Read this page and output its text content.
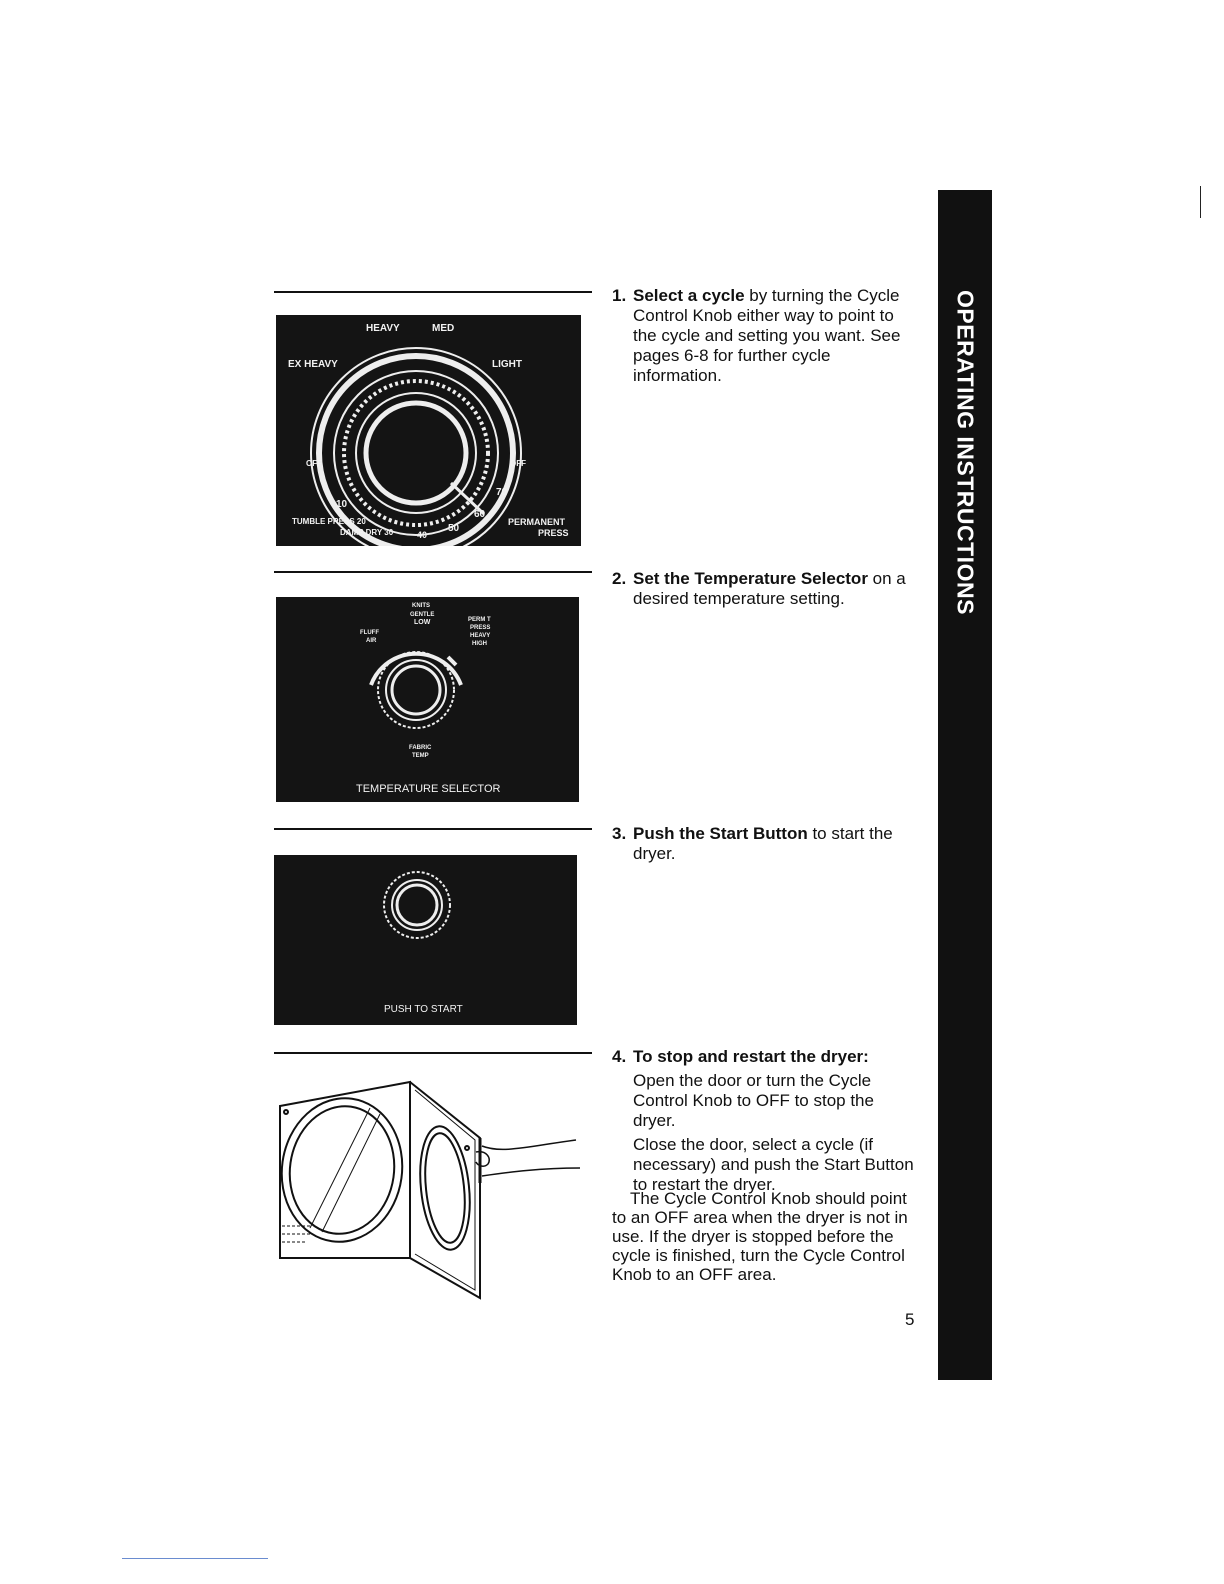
HEAVY	MED
EX HEAVY	LIGHT
OFF	OFF
70
10
60
TUMBLE PRESS 20	PERMANENT
50
DAMP DRY 30	40	PRESS
KNITS
GENTLE
LOW	PERM T
PRESS
FLUFF	HEAVY
AIR	HIGH
FABRIC
TEMP
TEMPERATURE SELECTOR
PUSH TO START
1. Select a cycle by turning the Cycle Control Knob either way to point to the cycle and setting you want. See pages 6-8 for further cycle information.
2. Set the Temperature Selector on a desired temperature setting.
3. Push the Start Button to start the dryer.
4. To stop and restart the dryer:
Open the door or turn the Cycle Control Knob to OFF to stop the dryer.
Close the door, select a cycle (if necessary) and push the Start Button to restart the dryer.
The Cycle Control Knob should point to an OFF area when the dryer is not in use. If the dryer is stopped before the cycle is finished, turn the Cycle Control Knob to an OFF area.
5
OPERATING INSTRUCTIONS
